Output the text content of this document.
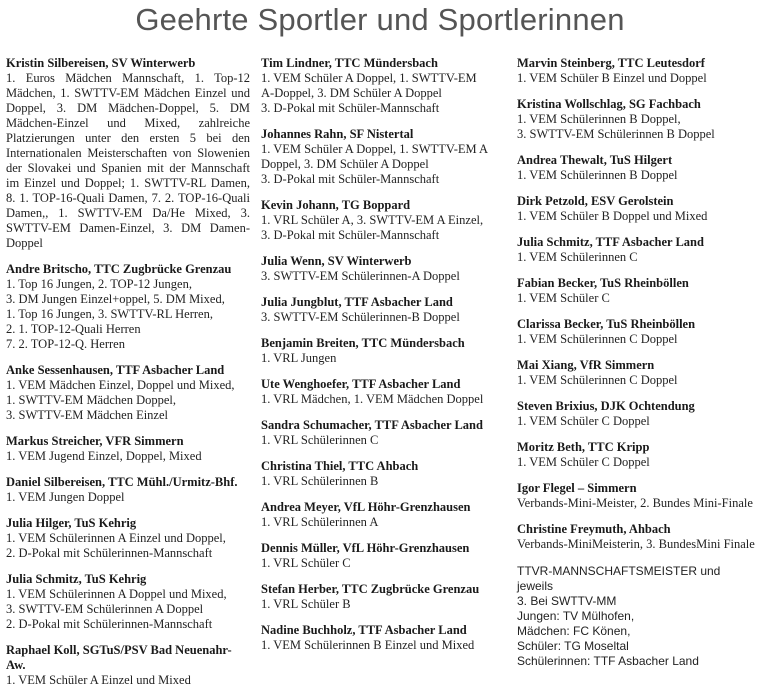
Geehrte Sportler und Sportlerinnen
Kristin Silbereisen, SV Winterwerb
1. Euros Mädchen Mannschaft, 1. Top-12 Mädchen, 1. SWTTV-EM Mädchen Einzel und Doppel, 3. DM Mädchen-Doppel, 5. DM Mädchen-Einzel und Mixed, zahlreiche Platzierungen unter den ersten 5 bei den Internationalen Meisterschaften von Slowenien der Slovakei und Spanien mit der Mannschaft im Einzel und Doppel; 1. SWTTV-RL Damen, 8. 1. TOP-16-Quali Damen, 7. 2. TOP-16-Quali Damen,, 1. SWTTV-EM Da/He Mixed, 3. SWTTV-EM Damen-Einzel, 3. DM Damen-Doppel
Andre Britscho, TTC Zugbrücke Grenzau
1. Top 16 Jungen, 2. TOP-12 Jungen,
3. DM Jungen Einzel+oppel, 5. DM Mixed,
1. Top 16 Jungen, 3. SWTTV-RL Herren,
2. 1. TOP-12-Quali Herren
7. 2. TOP-12-Q. Herren
Anke Sessenhausen, TTF Asbacher Land
1. VEM Mädchen Einzel, Doppel und Mixed,
1. SWTTV-EM Mädchen Doppel,
3. SWTTV-EM Mädchen Einzel
Markus Streicher, VFR Simmern
1. VEM Jugend Einzel, Doppel, Mixed
Daniel Silbereisen, TTC Mühl./Urmitz-Bhf.
1. VEM Jungen Doppel
Julia Hilger, TuS Kehrig
1. VEM Schülerinnen A Einzel und Doppel,
2. D-Pokal mit Schülerinnen-Mannschaft
Julia Schmitz, TuS Kehrig
1. VEM Schülerinnen A Doppel und Mixed,
3. SWTTV-EM Schülerinnen A Doppel
2. D-Pokal mit Schülerinnen-Mannschaft
Raphael Koll, SGTuS/PSV Bad Neuenahr-Aw.
1. VEM Schüler A Einzel und Mixed
Tim Lindner, TTC Mündersbach
1. VEM Schüler A Doppel, 1. SWTTV-EM
A-Doppel, 3. DM Schüler A Doppel
3. D-Pokal mit Schüler-Mannschaft
Johannes Rahn, SF Nistertal
1. VEM Schüler A Doppel, 1. SWTTV-EM A
Doppel, 3. DM Schüler A Doppel
3. D-Pokal mit Schüler-Mannschaft
Kevin Johann, TG Boppard
1. VRL Schüler A, 3. SWTTV-EM A Einzel,
3. D-Pokal mit Schüler-Mannschaft
Julia Wenn, SV Winterwerb
3. SWTTV-EM Schülerinnen-A Doppel
Julia Jungblut, TTF Asbacher Land
3. SWTTV-EM Schülerinnen-B Doppel
Benjamin Breiten, TTC Mündersbach
1. VRL Jungen
Ute Wenghoefer, TTF Asbacher Land
1. VRL Mädchen, 1. VEM Mädchen Doppel
Sandra Schumacher, TTF Asbacher Land
1. VRL Schülerinnen C
Christina Thiel, TTC Ahbach
1. VRL Schülerinnen B
Andrea Meyer, VfL Höhr-Grenzhausen
1. VRL Schülerinnen A
Dennis Müller, VfL Höhr-Grenzhausen
1. VRL Schüler C
Stefan Herber, TTC Zugbrücke Grenzau
1. VRL Schüler B
Nadine Buchholz, TTF Asbacher Land
1. VEM Schülerinnen B Einzel und Mixed
Marvin Steinberg, TTC Leutesdorf
1. VEM Schüler B Einzel und Doppel
Kristina Wollschlag, SG Fachbach
1. VEM Schülerinnen B Doppel,
3. SWTTV-EM Schülerinnen B Doppel
Andrea Thewalt, TuS Hilgert
1. VEM Schülerinnen B Doppel
Dirk Petzold, ESV Gerolstein
1. VEM Schüler B Doppel und Mixed
Julia Schmitz, TTF Asbacher Land
1. VEM Schülerinnen C
Fabian Becker, TuS Rheinböllen
1. VEM Schüler C
Clarissa Becker, TuS Rheinböllen
1. VEM Schülerinnen C Doppel
Mai Xiang, VfR Simmern
1. VEM Schülerinnen C Doppel
Steven Brixius, DJK Ochtendung
1. VEM Schüler C Doppel
Moritz Beth, TTC Kripp
1. VEM Schüler C Doppel
Igor Flegel – Simmern
Verbands-Mini-Meister, 2. Bundes Mini-Finale
Christine Freymuth, Ahbach
Verbands-MiniMeisterin, 3. BundesMini Finale
TTVR-MANNSCHAFTSMEISTER und jeweils
3. Bei SWTTV-MM
Jungen: TV Mülhofen,
Mädchen: FC Könen,
Schüler: TG Moseltal
Schülerinnen: TTF Asbacher Land
